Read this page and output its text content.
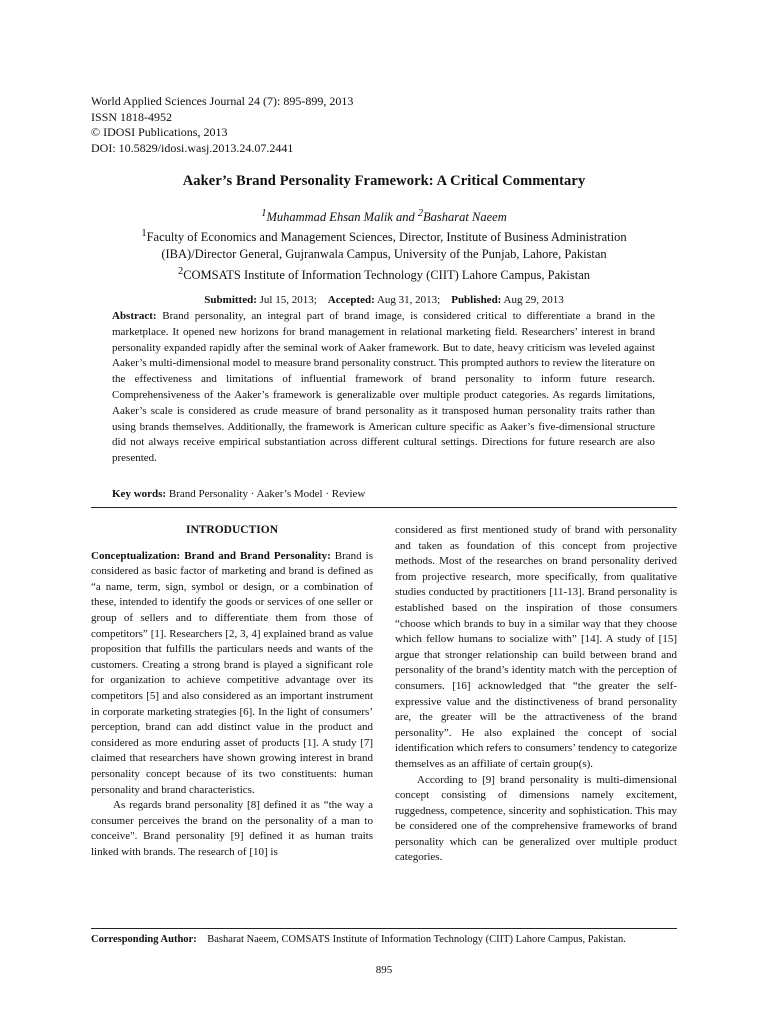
World Applied Sciences Journal 24 (7): 895-899, 2013
ISSN 1818-4952
© IDOSI Publications, 2013
DOI: 10.5829/idosi.wasj.2013.24.07.2441
Aaker’s Brand Personality Framework: A Critical Commentary
$^1$Muhammad Ehsan Malik and $^2$Basharat Naeem
$^1$Faculty of Economics and Management Sciences, Director, Institute of Business Administration
(IBA)/Director General, Gujranwala Campus, University of the Punjab, Lahore, Pakistan
$^2$COMSATS Institute of Information Technology (CIIT) Lahore Campus, Pakistan
Submitted: Jul 15, 2013; Accepted: Aug 31, 2013; Published: Aug 29, 2013
Abstract: Brand personality, an integral part of brand image, is considered critical to differentiate a brand in the marketplace. It opened new horizons for brand management in relational marketing field. Researchers’ interest in brand personality expanded rapidly after the seminal work of Aaker framework. But to date, heavy criticism was leveled against Aaker’s multi-dimensional model to measure brand personality construct. This prompted authors to review the literature on the effectiveness and limitations of influential framework of brand personality to inform future research. Comprehensiveness of the Aaker’s framework is generalizable over multiple product categories. As regards limitations, Aaker’s scale is considered as crude measure of brand personality as it transposed human personality traits rather than using brands themselves. Additionally, the framework is American culture specific as Aaker’s five-dimensional structure did not always receive empirical substantiation across different cultural settings. Directions for future research are also presented.
Key words: Brand Personality · Aaker’s Model · Review

INTRODUCTION

Conceptualization: Brand and Brand Personality: Brand is considered as basic factor of marketing and brand is defined as “a name, term, sign, symbol or design, or a combination of these, intended to identify the goods or services of one seller or group of sellers and to differentiate them from those of competitors” [1]. Researchers [2, 3, 4] explained brand as value proposition that fulfills the particulars needs and wants of the customers. Creating a strong brand is played a significant role for organization to achieve competitive advantage over its competitors [5] and also considered as an important instrument in corporate marketing strategies [6]. In the light of consumers’ perception, brand can add distinct value in the product and considered as more enduring asset of products [1]. A study [7] claimed that researchers have shown growing interest in brand personality concept because of its two constituents: human personality and brand characteristics.

As regards brand personality [8] defined it as “the way a consumer perceives the brand on the personality of a man to conceive". Brand personality [9] defined it as human traits linked with brands. The research of [10] is

considered as first mentioned study of brand with personality and taken as foundation of this concept from projective methods. Most of the researches on brand personality derived from projective research, more specifically, from qualitative studies conducted by practitioners [11-13]. Brand personality is established based on the inspiration of those consumers “choose which brands to buy in a similar way that they choose which fellow humans to socialize with” [14]. A study of [15] argue that stronger relationship can build between brand and personality of the brand’s identity match with the perception of consumers. [16] acknowledged that “the greater the self-expressive value and the distinctiveness of brand personality are, the greater will be the attractiveness of the brand personality”. He also explained the concept of social identification which refers to consumers’ tendency to categorize themselves as an affiliate of certain group(s).

According to [9] brand personality is multi-dimensional concept consisting of dimensions namely excitement, ruggedness, competence, sincerity and sophistication. This may be considered one of the comprehensive frameworks of brand personality which can be generalized over multiple product categories.

Corresponding Author: Basharat Naeem, COMSATS Institute of Information Technology (CIIT) Lahore Campus, Pakistan.
895
